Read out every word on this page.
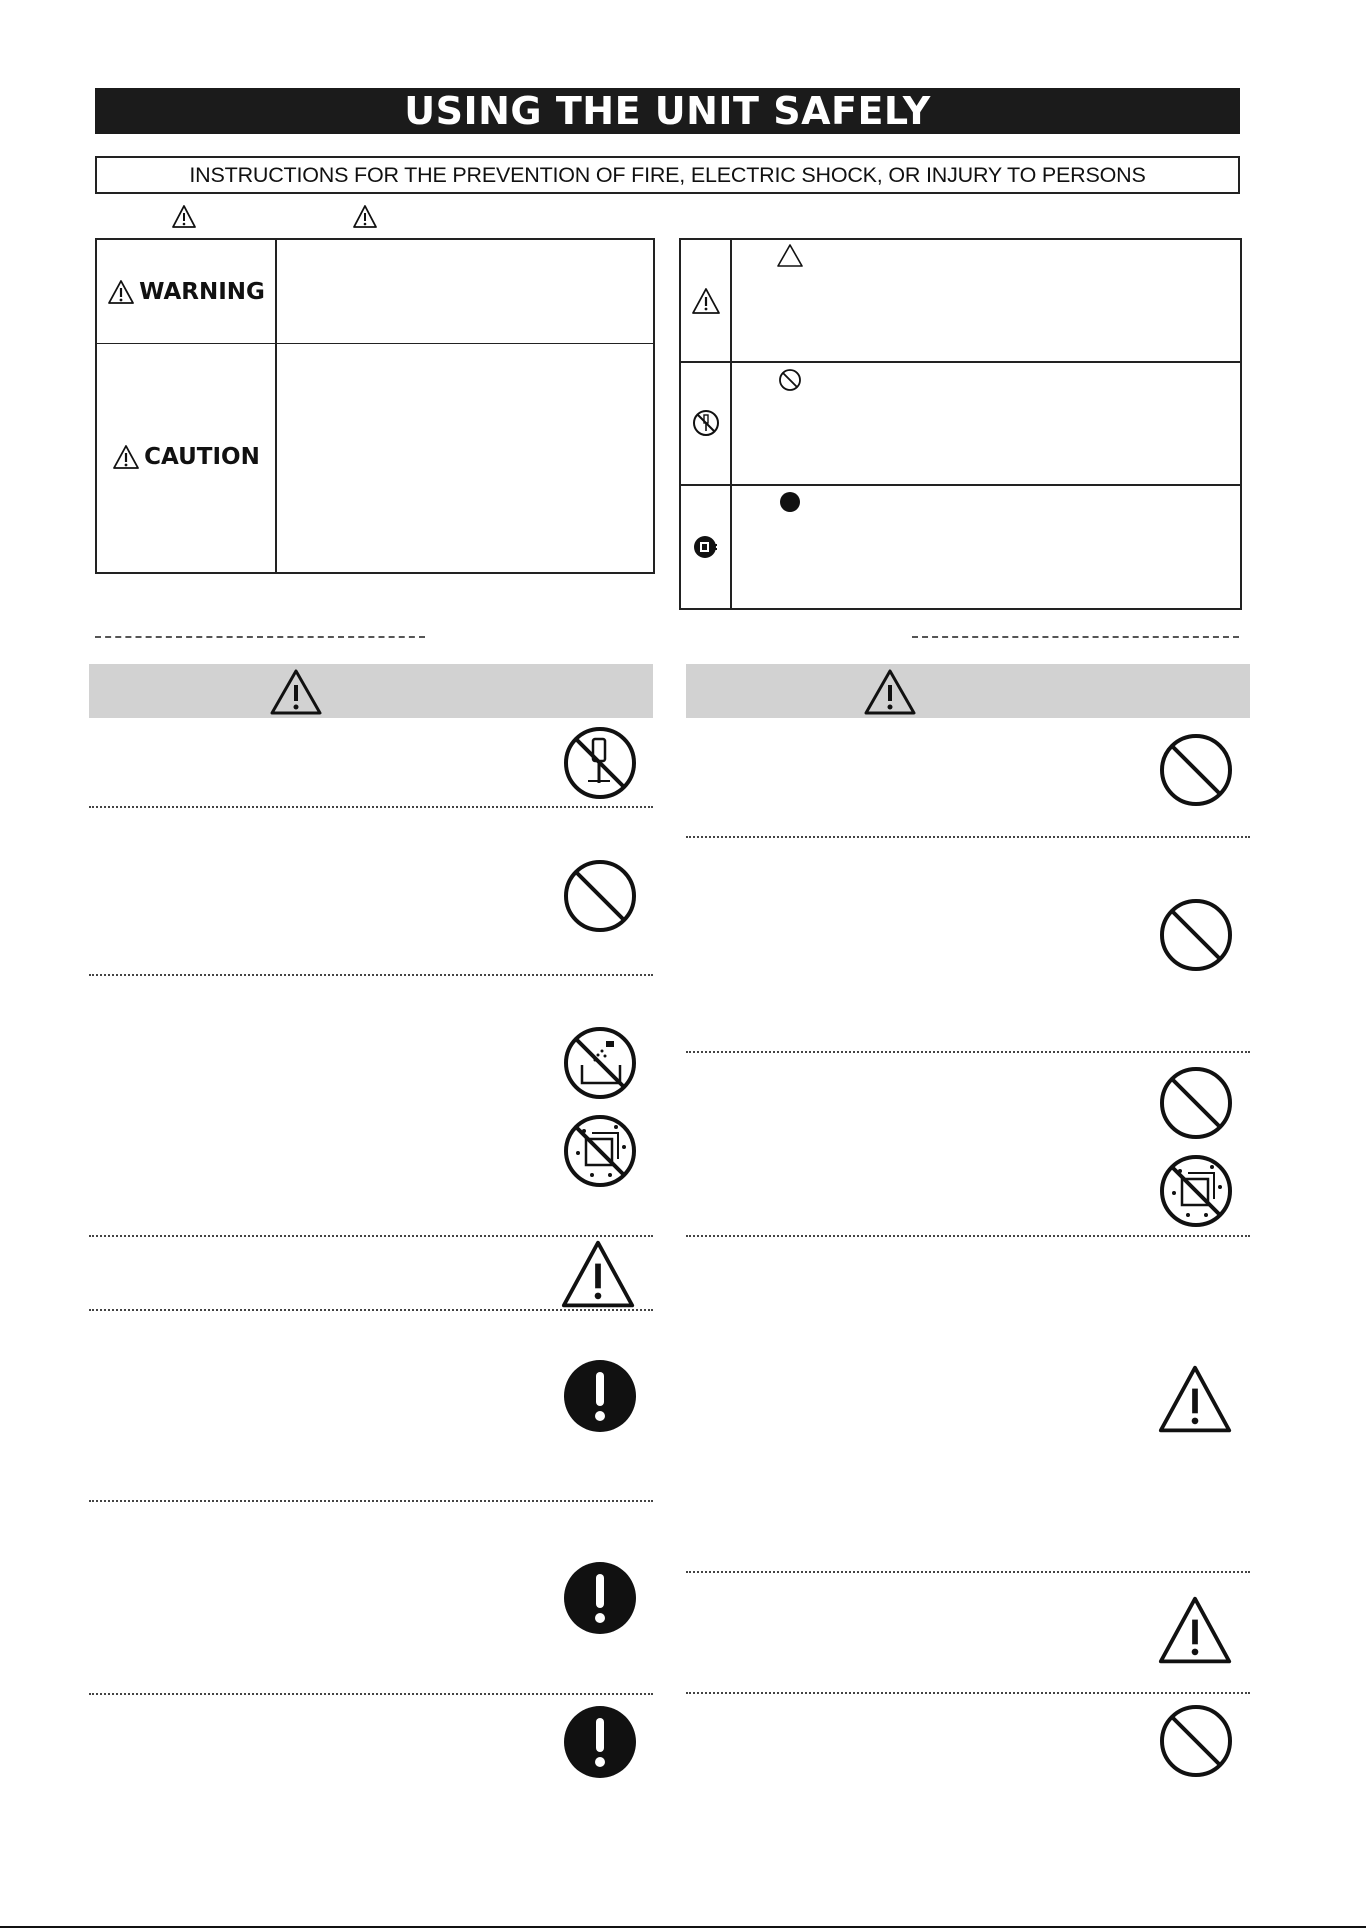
USING THE UNIT SAFELY
INSTRUCTIONS FOR THE PREVENTION OF FIRE, ELECTRIC SHOCK, OR INJURY TO PERSONS
WARNING
CAUTION
